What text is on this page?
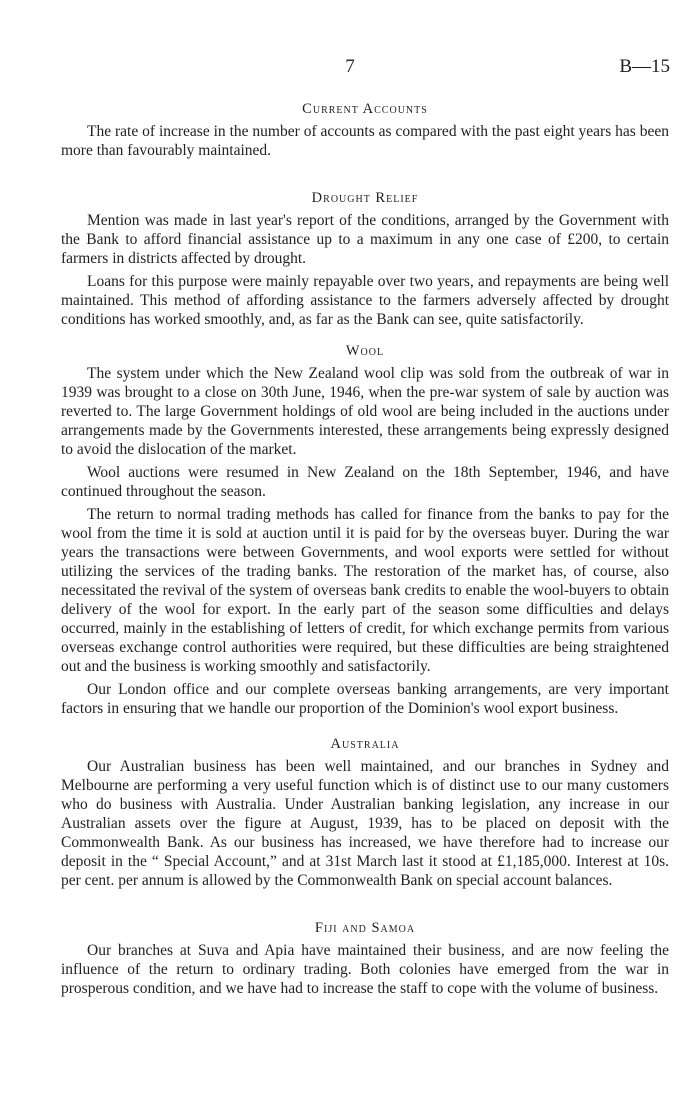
7	B—15
Current Accounts

The rate of increase in the number of accounts as compared with the past eight years has been more than favourably maintained.

Drought Relief

Mention was made in last year's report of the conditions, arranged by the Government with the Bank to afford financial assistance up to a maximum in any one case of £200, to certain farmers in districts affected by drought.

Loans for this purpose were mainly repayable over two years, and repayments are being well maintained. This method of affording assistance to the farmers adversely affected by drought conditions has worked smoothly, and, as far as the Bank can see, quite satisfactorily.

Wool

The system under which the New Zealand wool clip was sold from the outbreak of war in 1939 was brought to a close on 30th June, 1946, when the pre-war system of sale by auction was reverted to. The large Government holdings of old wool are being included in the auctions under arrangements made by the Governments interested, these arrangements being expressly designed to avoid the dislocation of the market.

Wool auctions were resumed in New Zealand on the 18th September, 1946, and have continued throughout the season.

The return to normal trading methods has called for finance from the banks to pay for the wool from the time it is sold at auction until it is paid for by the overseas buyer. During the war years the transactions were between Governments, and wool exports were settled for without utilizing the services of the trading banks. The restoration of the market has, of course, also necessitated the revival of the system of overseas bank credits to enable the wool-buyers to obtain delivery of the wool for export. In the early part of the season some difficulties and delays occurred, mainly in the establishing of letters of credit, for which exchange permits from various overseas exchange control authorities were required, but these difficulties are being straightened out and the business is working smoothly and satisfactorily.

Our London office and our complete overseas banking arrangements, are very important factors in ensuring that we handle our proportion of the Dominion's wool export business.

Australia

Our Australian business has been well maintained, and our branches in Sydney and Melbourne are performing a very useful function which is of distinct use to our many customers who do business with Australia. Under Australian banking legislation, any increase in our Australian assets over the figure at August, 1939, has to be placed on deposit with the Commonwealth Bank. As our business has increased, we have therefore had to increase our deposit in the “ Special Account,” and at 31st March last it stood at £1,185,000. Interest at 10s. per cent. per annum is allowed by the Commonwealth Bank on special account balances.

Fiji and Samoa

Our branches at Suva and Apia have maintained their business, and are now feeling the influence of the return to ordinary trading. Both colonies have emerged from the war in prosperous condition, and we have had to increase the staff to cope with the volume of business.
